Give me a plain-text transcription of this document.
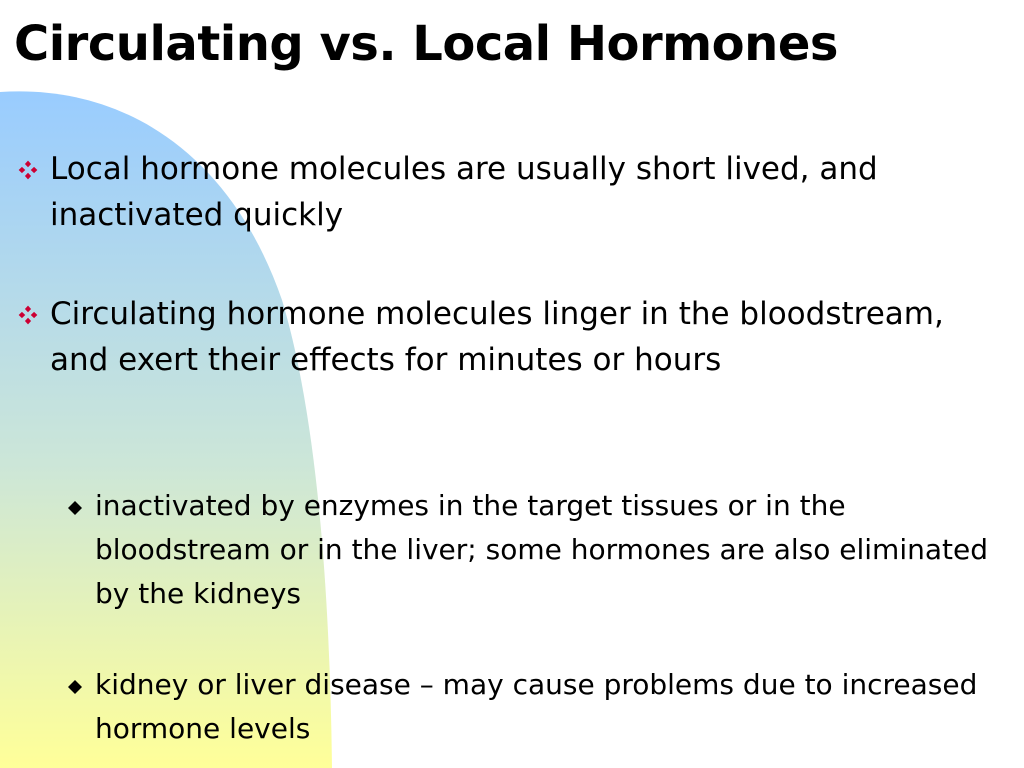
Circulating vs. Local Hormones
Local hormone molecules are usually short lived, and inactivated quickly
Circulating hormone molecules linger in the bloodstream, and exert their effects for minutes or hours
inactivated by enzymes in the target tissues or in the bloodstream or in the liver; some hormones are also eliminated by the kidneys
kidney or liver disease – may cause problems due to increased hormone levels
